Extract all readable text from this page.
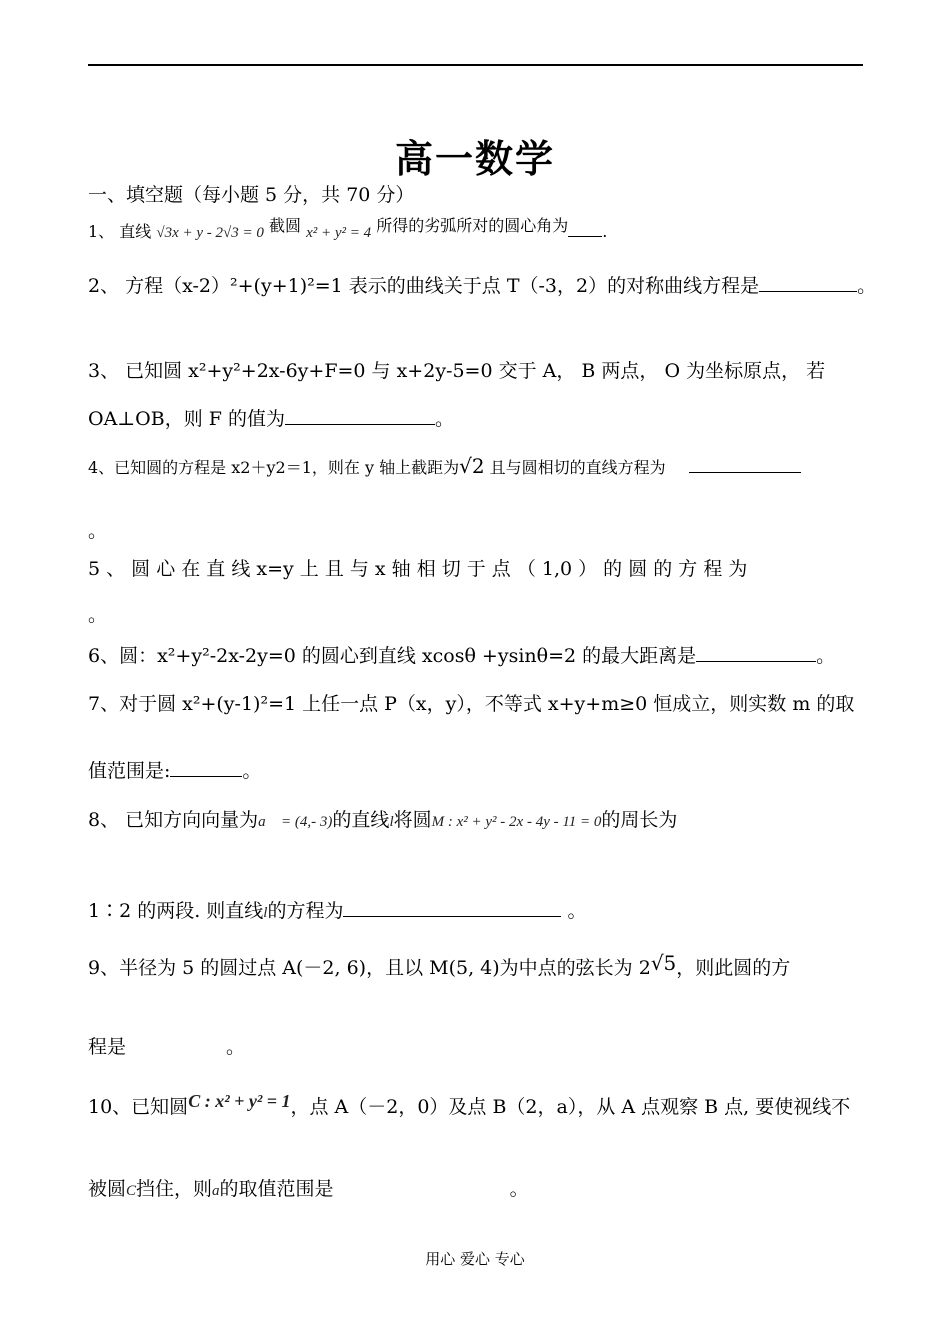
高一数学
一、填空题（每小题 5 分，共 70 分）
1、 直线 √3x + y - 2√3 = 0 截圆 x² + y² = 4 所得的劣弧所对的圆心角为 .
2、 方程（x-2）²+(y+1)²=1 表示的曲线关于点 T（-3，2）的对称曲线方程是	。
3、 已知圆 x²+y²+2x-6y+F=0 与 x+2y-5=0 交于 A， B 两点， O 为坐标原点， 若
OA⊥OB，则 F 的值为	。
4、已知圆的方程是 x2＋y2＝1，则在 y 轴上截距为√2 且与圆相切的直线方程为
。
5 、 圆 心 在 直 线 x=y 上 且 与 x 轴 相 切 于 点 （ 1,0 ） 的 圆 的 方 程 为
。
6、圆：x²+y²-2x-2y=0 的圆心到直线 xcosθ +ysinθ=2 的最大距离是	。
7、对于圆 x²+(y-1)²=1 上任一点 P（x，y），不等式 x+y+m≥0 恒成立，则实数 m 的取
值范围是:	。
8、 已知方向向量为a⃗ = (4,- 3)的直线l将圆M : x² + y² - 2x - 4y - 11 = 0的周长为
1∶2 的两段. 则直线l的方程为	。
9、半径为 5 的圆过点 A(－2, 6)，且以 M(5, 4)为中点的弦长为 2√5，则此圆的方
程是	。
10、已知圆C : x² + y² = 1，点 A（－2，0）及点 B（2，a），从 A 点观察 B 点, 要使视线不
被圆C挡住，则a的取值范围是	。
用心 爱心 专心
